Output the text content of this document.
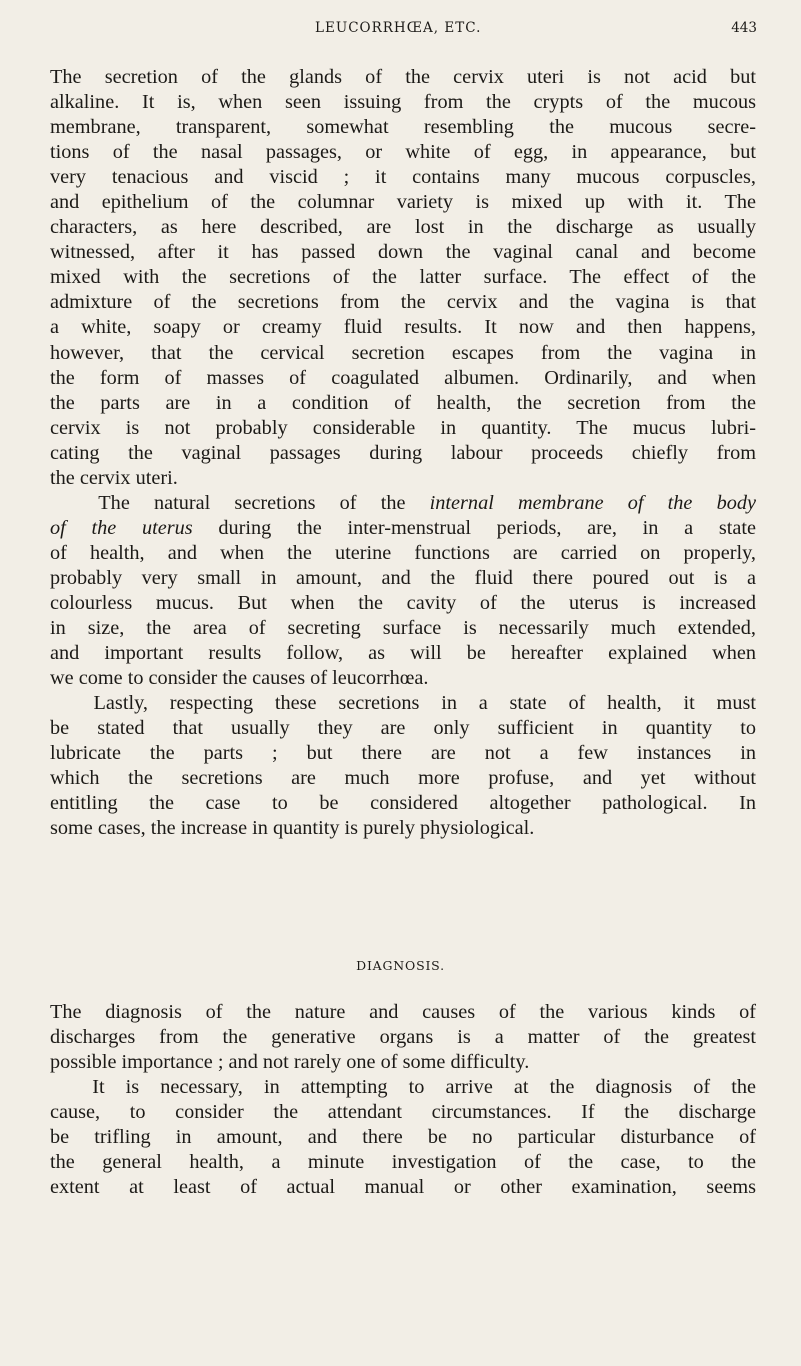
LEUCORRHŒA, ETC.	443

The secretion of the glands of the cervix uteri is not acid but
alkaline. It is, when seen issuing from the crypts of the mucous
membrane, transparent, somewhat resembling the mucous secre-
tions of the nasal passages, or white of egg, in appearance, but
very tenacious and viscid ; it contains many mucous corpuscles,
and epithelium of the columnar variety is mixed up with it. The
characters, as here described, are lost in the discharge as usually
witnessed, after it has passed down the vaginal canal and become
mixed with the secretions of the latter surface. The effect of the
admixture of the secretions from the cervix and the vagina is that
a white, soapy or creamy fluid results. It now and then happens,
however, that the cervical secretion escapes from the vagina in
the form of masses of coagulated albumen. Ordinarily, and when
the parts are in a condition of health, the secretion from the
cervix is not probably considerable in quantity. The mucus lubri-
cating the vaginal passages during labour proceeds chiefly from
the cervix uteri.

The natural secretions of the internal membrane of the body
of the uterus during the inter-menstrual periods, are, in a state
of health, and when the uterine functions are carried on properly,
probably very small in amount, and the fluid there poured out is a
colourless mucus. But when the cavity of the uterus is increased
in size, the area of secreting surface is necessarily much extended,
and important results follow, as will be hereafter explained when
we come to consider the causes of leucorrhœa.

Lastly, respecting these secretions in a state of health, it must
be stated that usually they are only sufficient in quantity to
lubricate the parts ; but there are not a few instances in
which the secretions are much more profuse, and yet without
entitling the case to be considered altogether pathological. In
some cases, the increase in quantity is purely physiological.

DIAGNOSIS.

The diagnosis of the nature and causes of the various kinds of
discharges from the generative organs is a matter of the greatest
possible importance ; and not rarely one of some difficulty.

It is necessary, in attempting to arrive at the diagnosis of the
cause, to consider the attendant circumstances. If the discharge
be trifling in amount, and there be no particular disturbance of
the general health, a minute investigation of the case, to the
extent at least of actual manual or other examination, seems
